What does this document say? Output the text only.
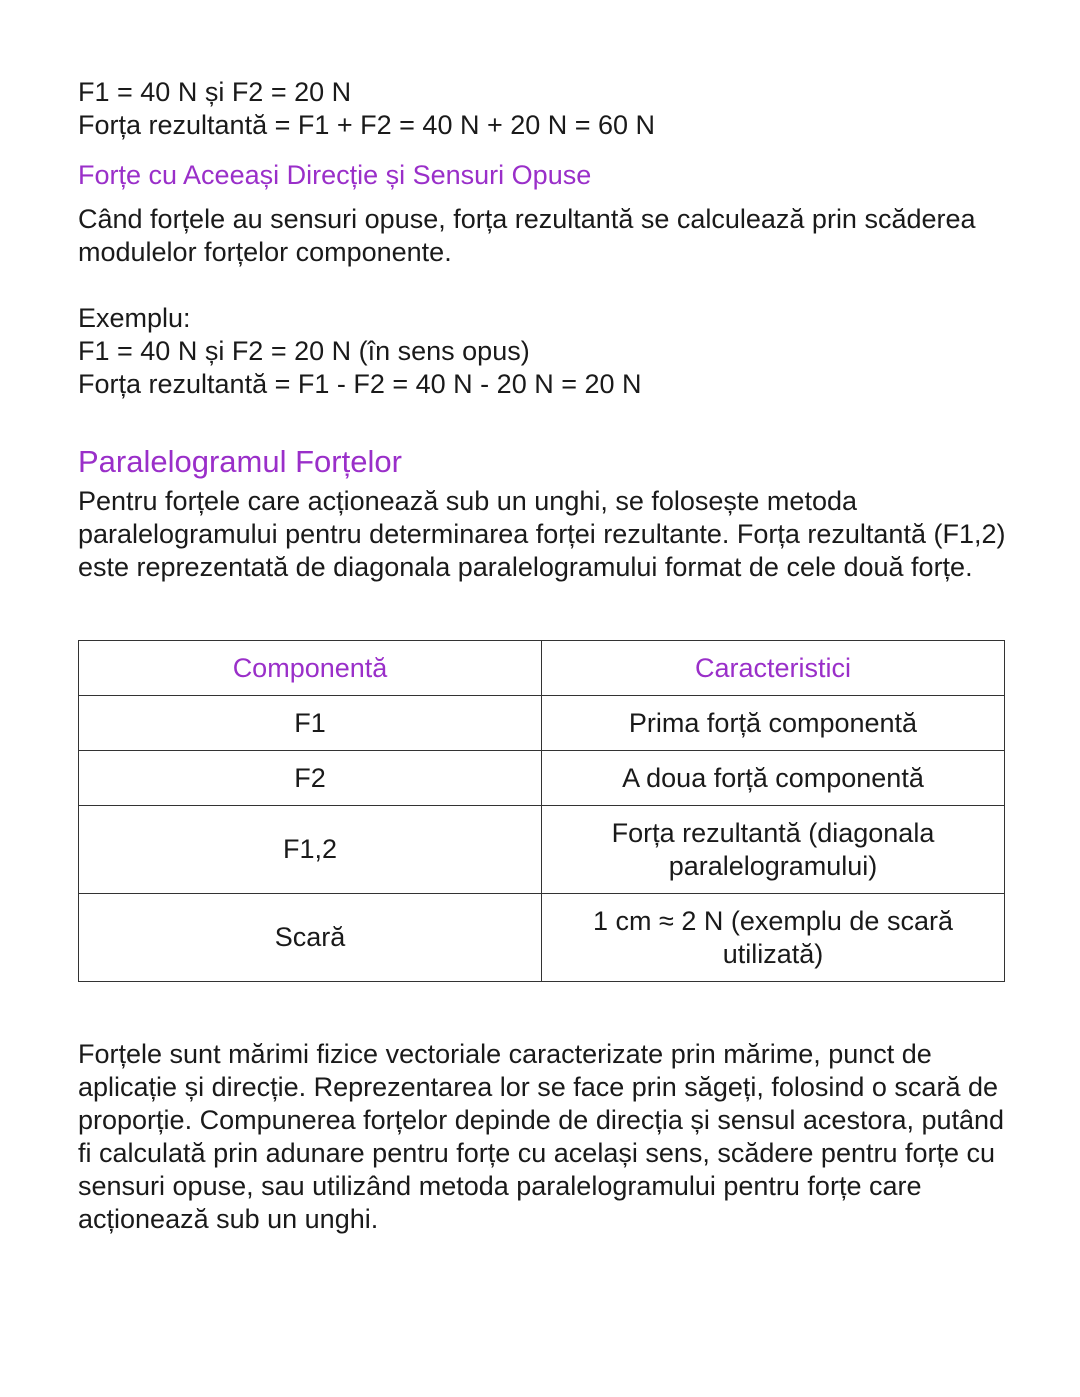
F1 = 40 N și F2 = 20 N

Forța rezultantă = F1 + F2 = 40 N + 20 N = 60 N

Forțe cu Aceeași Direcție și Sensuri Opuse

Când forțele au sensuri opuse, forța rezultantă se calculează prin scăderea modulelor forțelor componente.

Exemplu:

F1 = 40 N și F2 = 20 N (în sens opus)

Forța rezultantă = F1 - F2 = 40 N - 20 N = 20 N

Paralelogramul Forțelor

Pentru forțele care acționează sub un unghi, se folosește metoda paralelogramului pentru determinarea forței rezultante. Forța rezultantă (F1,2) este reprezentată de diagonala paralelogramului format de cele două forțe.

Componentă	Caracteristici
F1	Prima forță componentă
F2	A doua forță componentă
F1,2	Forța rezultantă (diagonala paralelogramului)
Scară	1 cm ≈ 2 N (exemplu de scară utilizată)

Forțele sunt mărimi fizice vectoriale caracterizate prin mărime, punct de aplicație și direcție. Reprezentarea lor se face prin săgeți, folosind o scară de proporție. Compunerea forțelor depinde de direcția și sensul acestora, putând fi calculată prin adunare pentru forțe cu același sens, scădere pentru forțe cu sensuri opuse, sau utilizând metoda paralelogramului pentru forțe care acționează sub un unghi.
